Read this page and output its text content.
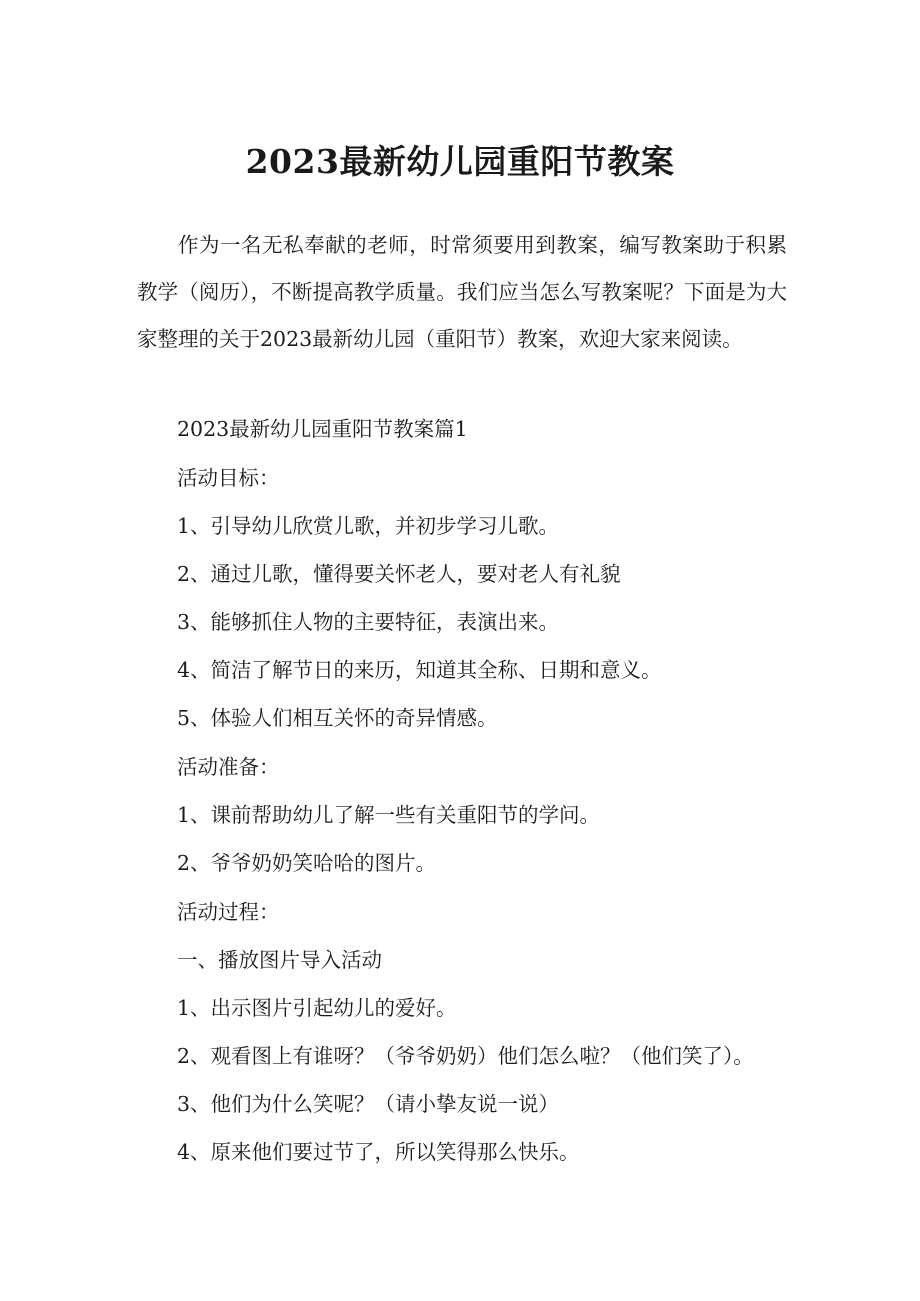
2023最新幼儿园重阳节教案

作为一名无私奉献的老师，时常须要用到教案，编写教案助于积累教学（阅历），不断提高教学质量。我们应当怎么写教案呢？下面是为大家整理的关于2023最新幼儿园（重阳节）教案，欢迎大家来阅读。

2023最新幼儿园重阳节教案篇1

活动目标：

1、引导幼儿欣赏儿歌，并初步学习儿歌。

2、通过儿歌，懂得要关怀老人，要对老人有礼貌

3、能够抓住人物的主要特征，表演出来。

4、简洁了解节日的来历，知道其全称、日期和意义。

5、体验人们相互关怀的奇异情感。

活动准备：

1、课前帮助幼儿了解一些有关重阳节的学问。

2、爷爷奶奶笑哈哈的图片。

活动过程：

一、播放图片导入活动

1、出示图片引起幼儿的爱好。

2、观看图上有谁呀？（爷爷奶奶）他们怎么啦？（他们笑了）。

3、他们为什么笑呢？（请小挚友说一说）

4、原来他们要过节了，所以笑得那么快乐。
